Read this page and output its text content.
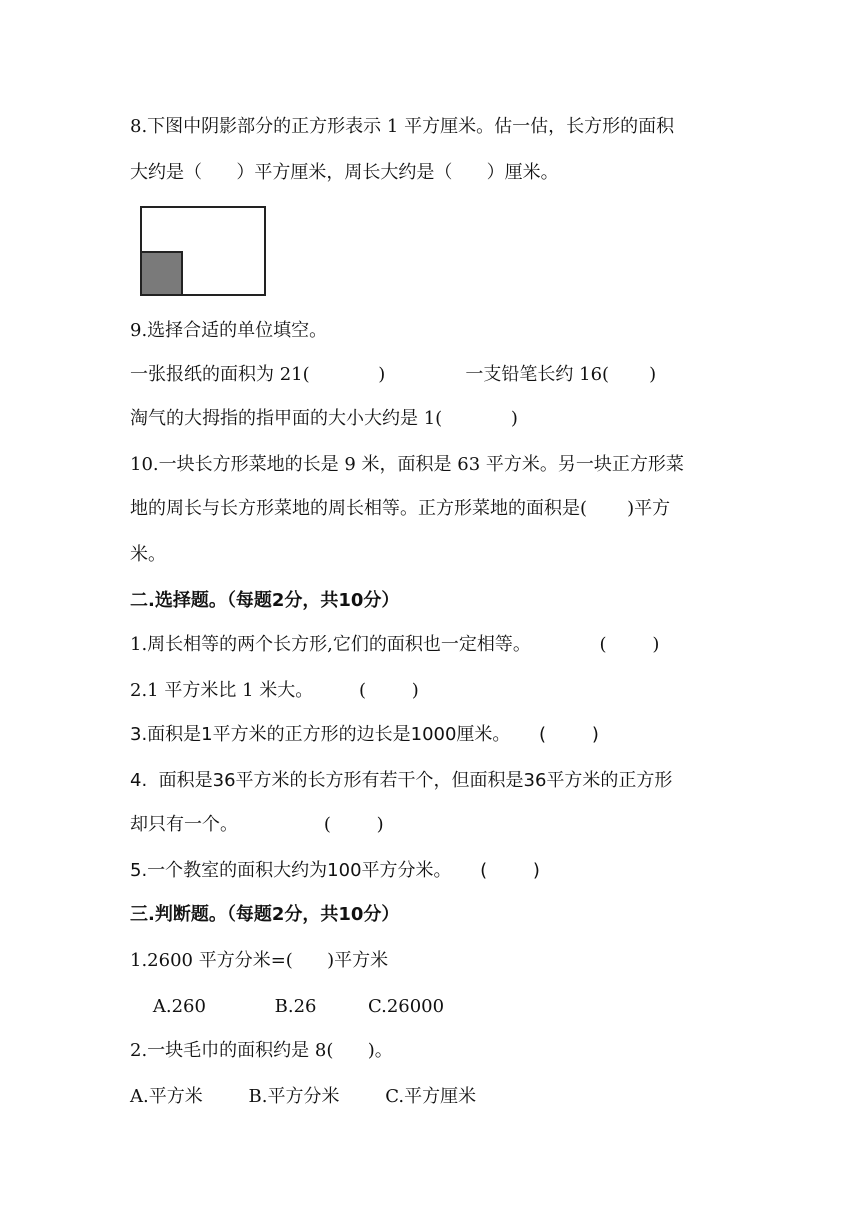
8.下图中阴影部分的正方形表示 1 平方厘米。估一估，长方形的面积

大约是（      ）平方厘米，周长大约是（      ）厘米。

9.选择合适的单位填空。

一张报纸的面积为 21(            )              一支铅笔长约 16(       )

淘气的大拇指的指甲面的大小大约是 1(            )

10.一块长方形菜地的长是 9 米，面积是 63 平方米。另一块正方形菜

地的周长与长方形菜地的周长相等。正方形菜地的面积是(       )平方

米。

二.选择题。（每题2分，共10分）

1.周长相等的两个长方形,它们的面积也一定相等。            (        )

2.1 平方米比 1 米大。        (        )

3.面积是1平方米的正方形的边长是1000厘米。     (        )

4.  面积是36平方米的长方形有若干个，但面积是36平方米的正方形

却只有一个。               (        )

5.一个教室的面积大约为100平方分米。     (        )

三.判断题。（每题2分，共10分）

1.2600 平方分米=(      )平方米

A.260            B.26         C.26000

2.一块毛巾的面积约是 8(      )。

A.平方米        B.平方分米        C.平方厘米
